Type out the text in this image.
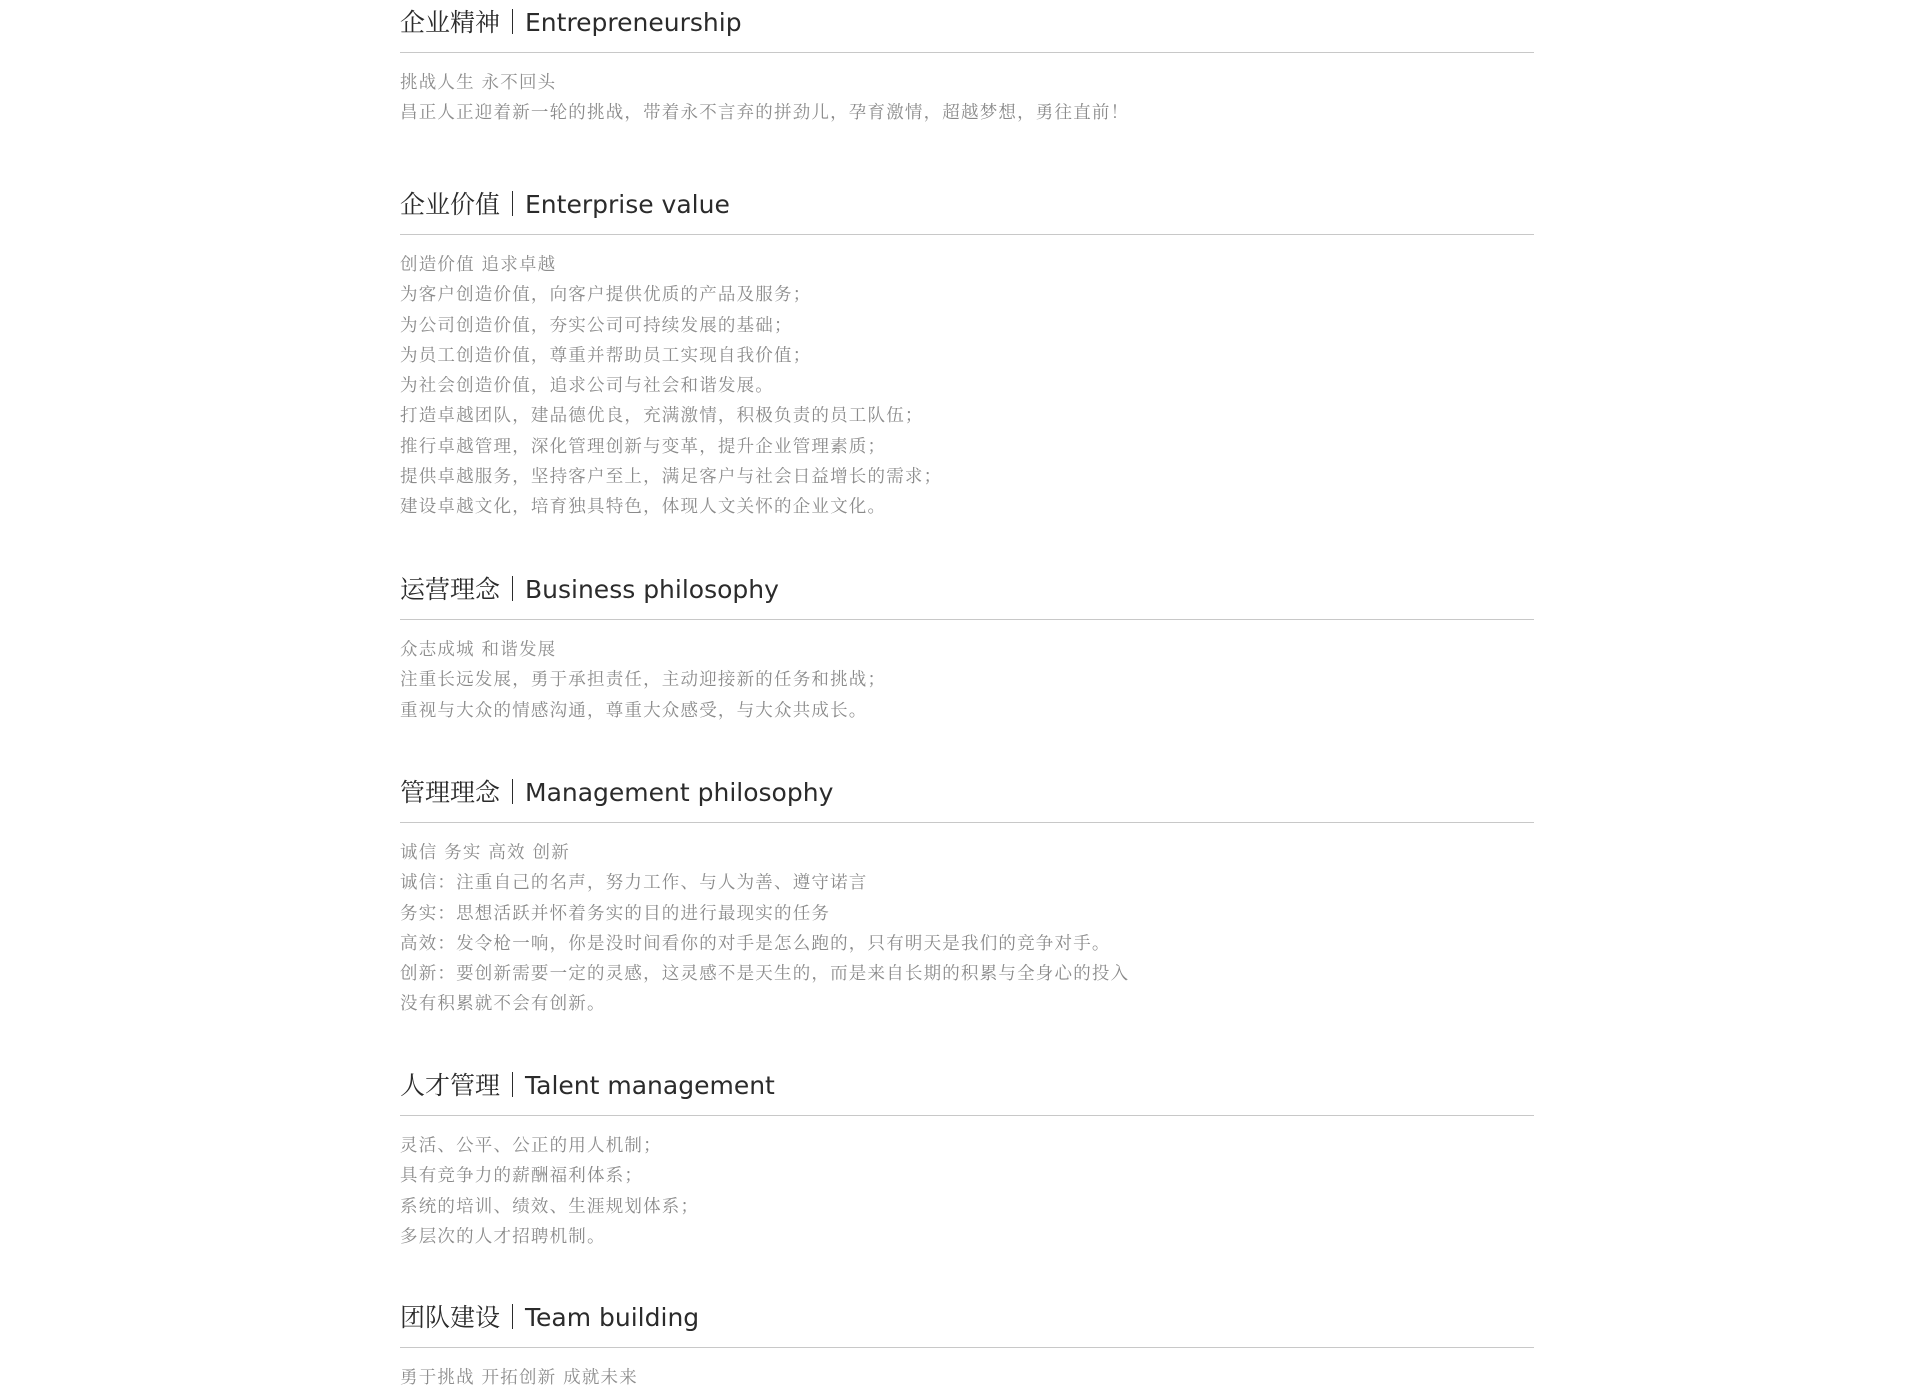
企业精神｜Entrepreneurship
挑战人生 永不回头
昌正人正迎着新一轮的挑战，带着永不言弃的拼劲儿，孕育激情，超越梦想，勇往直前！
企业价值｜Enterprise value
创造价值 追求卓越
为客户创造价值，向客户提供优质的产品及服务；
为公司创造价值，夯实公司可持续发展的基础；
为员工创造价值，尊重并帮助员工实现自我价值；
为社会创造价值，追求公司与社会和谐发展。
打造卓越团队，建品德优良，充满激情，积极负责的员工队伍；
推行卓越管理，深化管理创新与变革，提升企业管理素质；
提供卓越服务，坚持客户至上，满足客户与社会日益增长的需求；
建设卓越文化，培育独具特色，体现人文关怀的企业文化。
运营理念｜Business philosophy
众志成城 和谐发展
注重长远发展，勇于承担责任，主动迎接新的任务和挑战；
重视与大众的情感沟通，尊重大众感受，与大众共成长。
管理理念｜Management philosophy
诚信 务实 高效 创新
诚信：注重自己的名声，努力工作、与人为善、遵守诺言
务实：思想活跃并怀着务实的目的进行最现实的任务
高效：发令枪一响，你是没时间看你的对手是怎么跑的，只有明天是我们的竞争对手。
创新：要创新需要一定的灵感，这灵感不是天生的，而是来自长期的积累与全身心的投入
没有积累就不会有创新。
人才管理｜Talent management
灵活、公平、公正的用人机制；
具有竞争力的薪酬福利体系；
系统的培训、绩效、生涯规划体系；
多层次的人才招聘机制。
团队建设｜Team building
勇于挑战 开拓创新 成就未来
